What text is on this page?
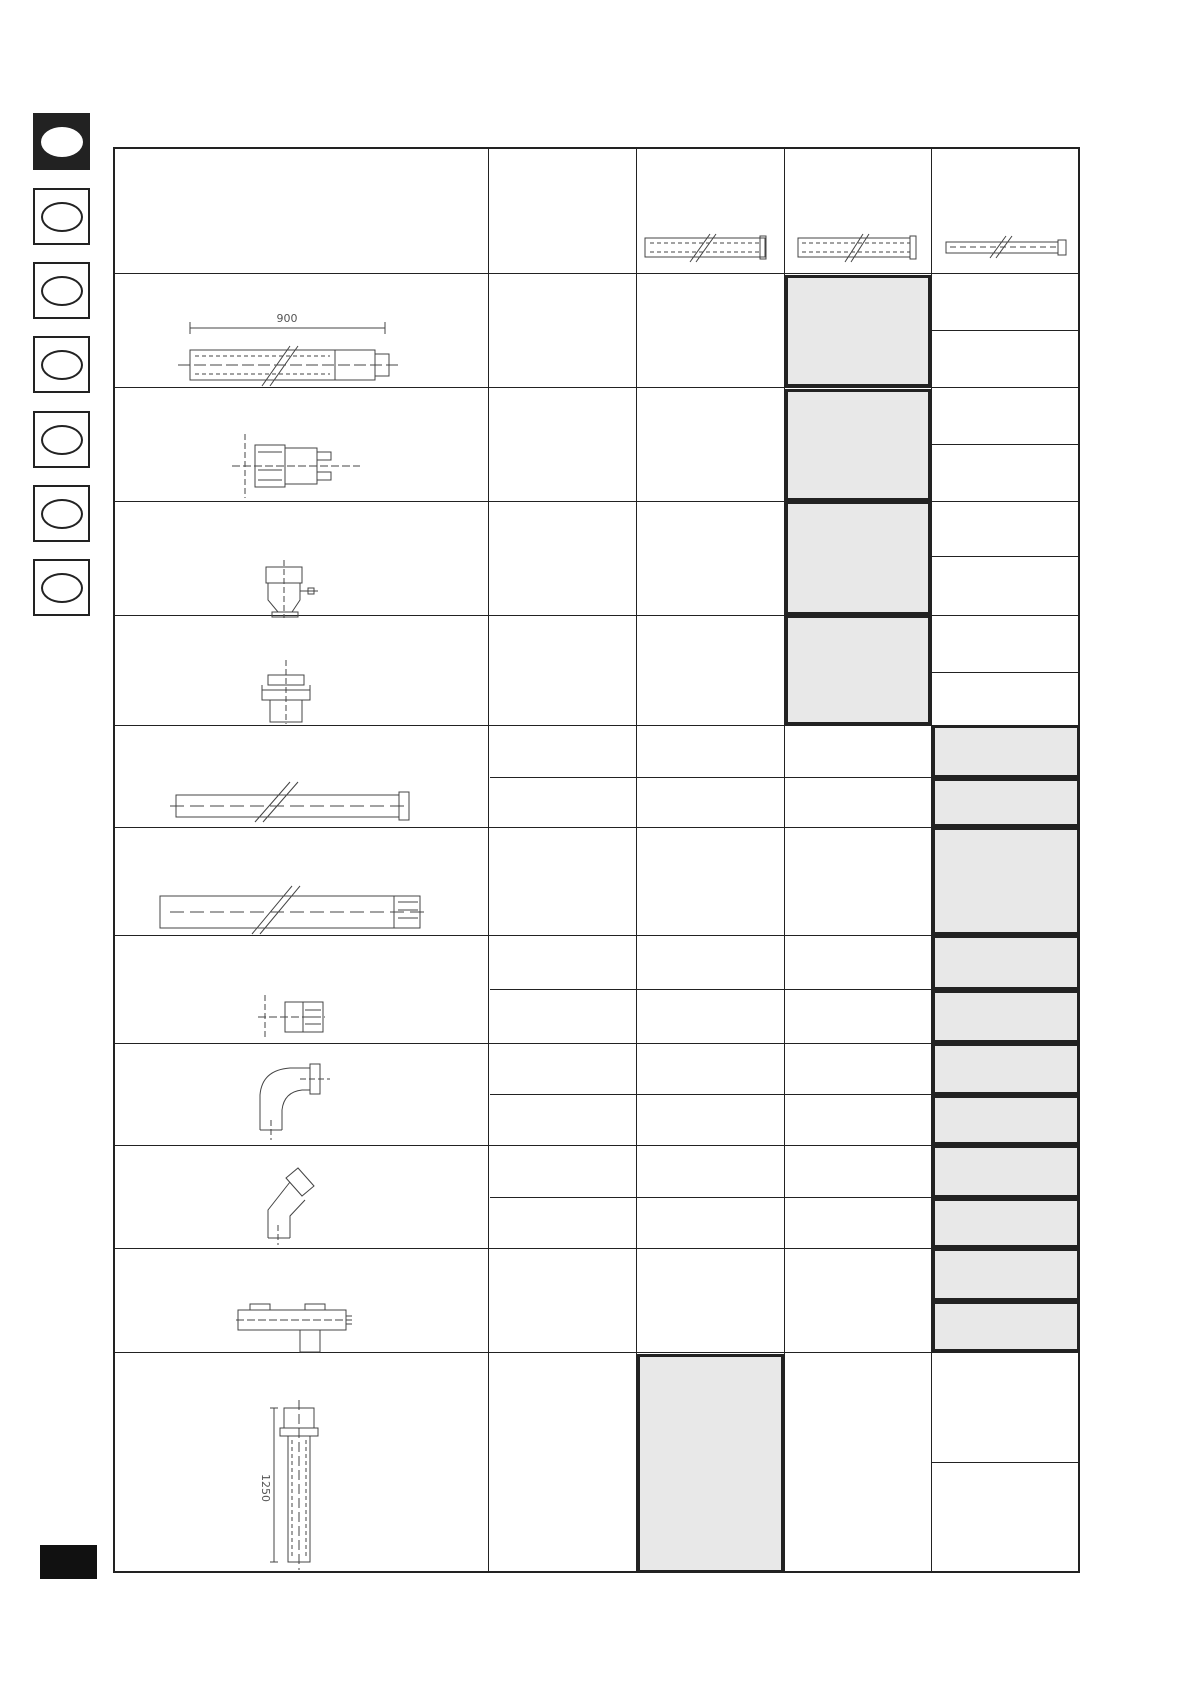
900
1250
